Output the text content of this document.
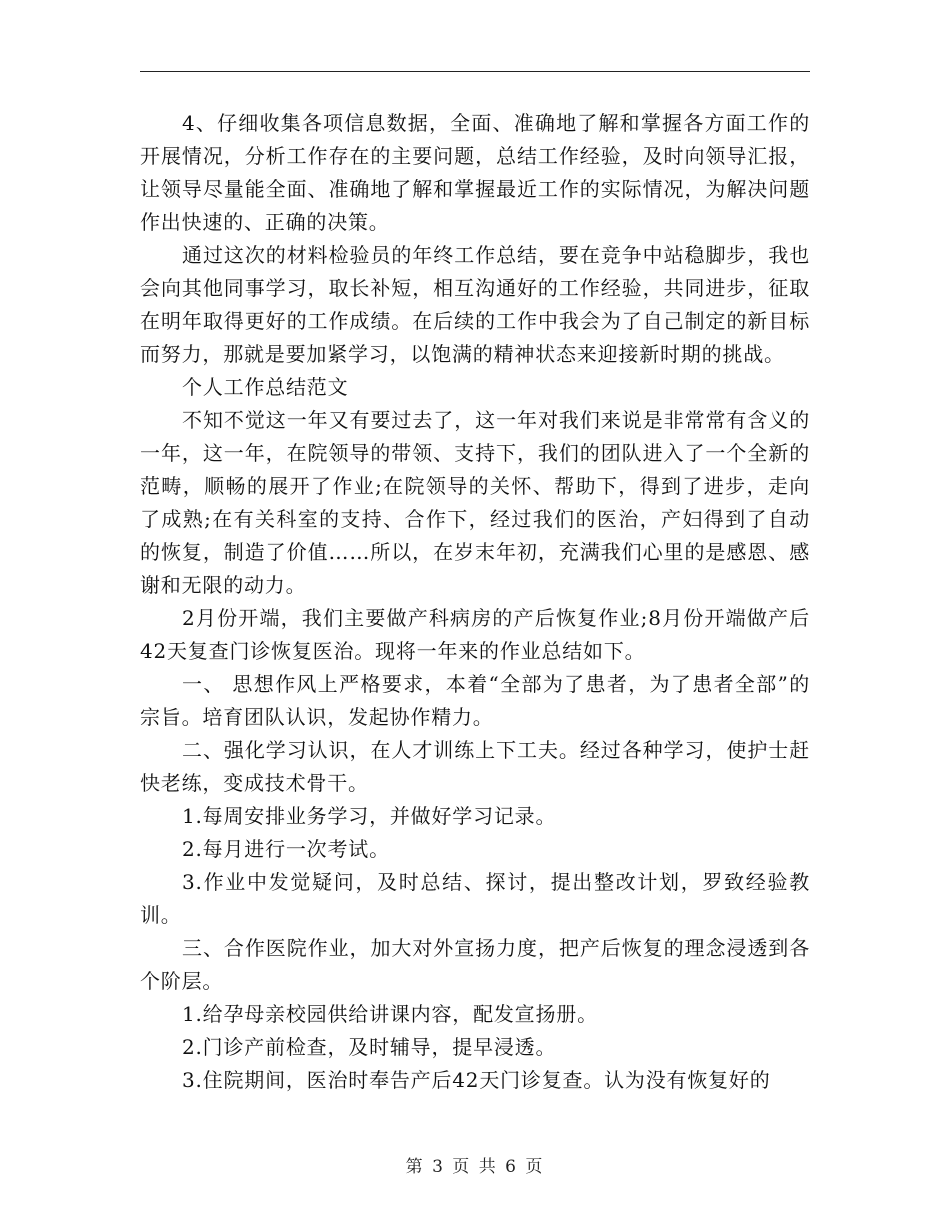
4、仔细收集各项信息数据，全面、准确地了解和掌握各方面工作的开展情况，分析工作存在的主要问题，总结工作经验，及时向领导汇报，让领导尽量能全面、准确地了解和掌握最近工作的实际情况，为解决问题作出快速的、正确的决策。

通过这次的材料检验员的年终工作总结，要在竞争中站稳脚步，我也会向其他同事学习，取长补短，相互沟通好的工作经验，共同进步，征取在明年取得更好的工作成绩。在后续的工作中我会为了自己制定的新目标而努力，那就是要加紧学习，以饱满的精神状态来迎接新时期的挑战。

个人工作总结范文

不知不觉这一年又有要过去了，这一年对我们来说是非常常有含义的一年，这一年，在院领导的带领、支持下，我们的团队进入了一个全新的范畴，顺畅的展开了作业;在院领导的关怀、帮助下，得到了进步，走向了成熟;在有关科室的支持、合作下，经过我们的医治，产妇得到了自动的恢复，制造了价值……所以，在岁末年初，充满我们心里的是感恩、感谢和无限的动力。

2月份开端，我们主要做产科病房的产后恢复作业;8月份开端做产后42天复查门诊恢复医治。现将一年来的作业总结如下。

一、 思想作风上严格要求，本着“全部为了患者，为了患者全部”的宗旨。培育团队认识，发起协作精力。

二、强化学习认识，在人才训练上下工夫。经过各种学习，使护士赶快老练，变成技术骨干。

1.每周安排业务学习，并做好学习记录。

2.每月进行一次考试。

3.作业中发觉疑问，及时总结、探讨，提出整改计划，罗致经验教训。

三、合作医院作业，加大对外宣扬力度，把产后恢复的理念浸透到各个阶层。

1.给孕母亲校园供给讲课内容，配发宣扬册。

2.门诊产前检查，及时辅导，提早浸透。

3.住院期间，医治时奉告产后42天门诊复查。认为没有恢复好的

第 3 页 共 6 页
